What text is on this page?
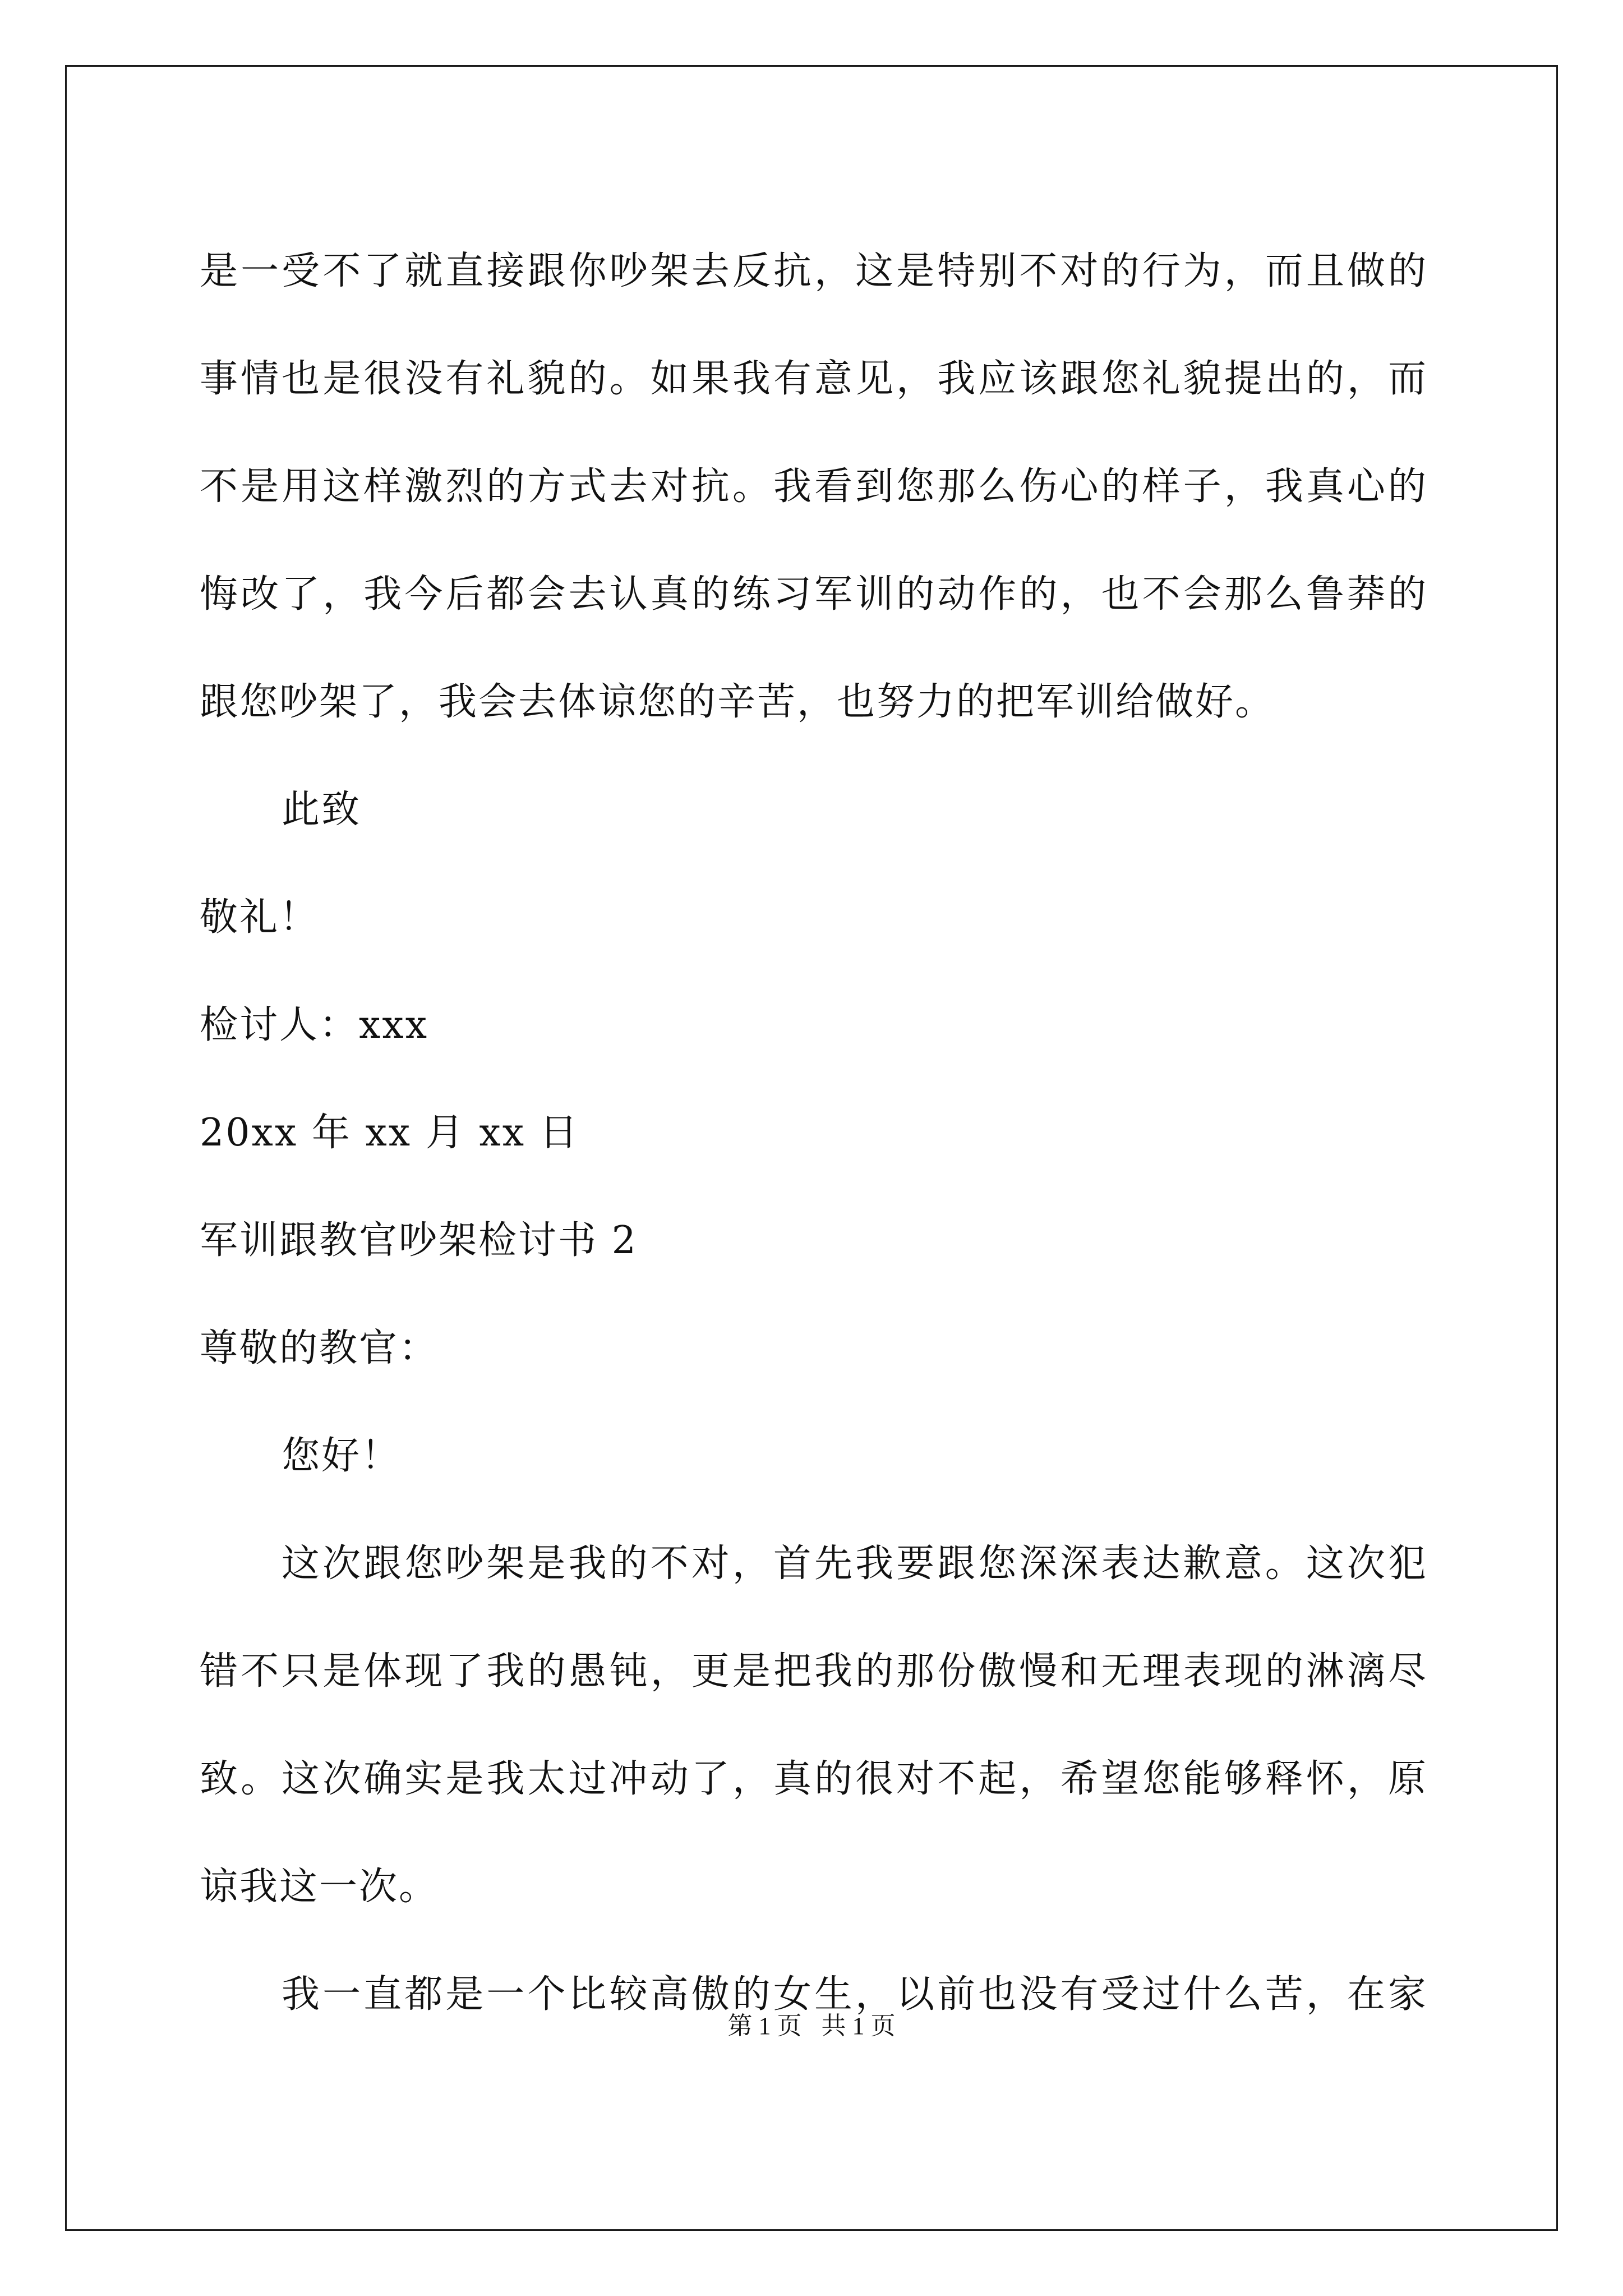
是一受不了就直接跟你吵架去反抗，这是特别不对的行为，而且做的
事情也是很没有礼貌的。如果我有意见，我应该跟您礼貌提出的，而
不是用这样激烈的方式去对抗。我看到您那么伤心的样子，我真心的
悔改了，我今后都会去认真的练习军训的动作的，也不会那么鲁莽的
跟您吵架了，我会去体谅您的辛苦，也努力的把军训给做好。
此致
敬礼！
检讨人：xxx
20xx 年 xx 月 xx 日
军训跟教官吵架检讨书 2
尊敬的教官：
您好！
这次跟您吵架是我的不对，首先我要跟您深深表达歉意。这次犯
错不只是体现了我的愚钝，更是把我的那份傲慢和无理表现的淋漓尽
致。这次确实是我太过冲动了，真的很对不起，希望您能够释怀，原
谅我这一次。
我一直都是一个比较高傲的女生，以前也没有受过什么苦，在家
第 1 页 共 1 页
